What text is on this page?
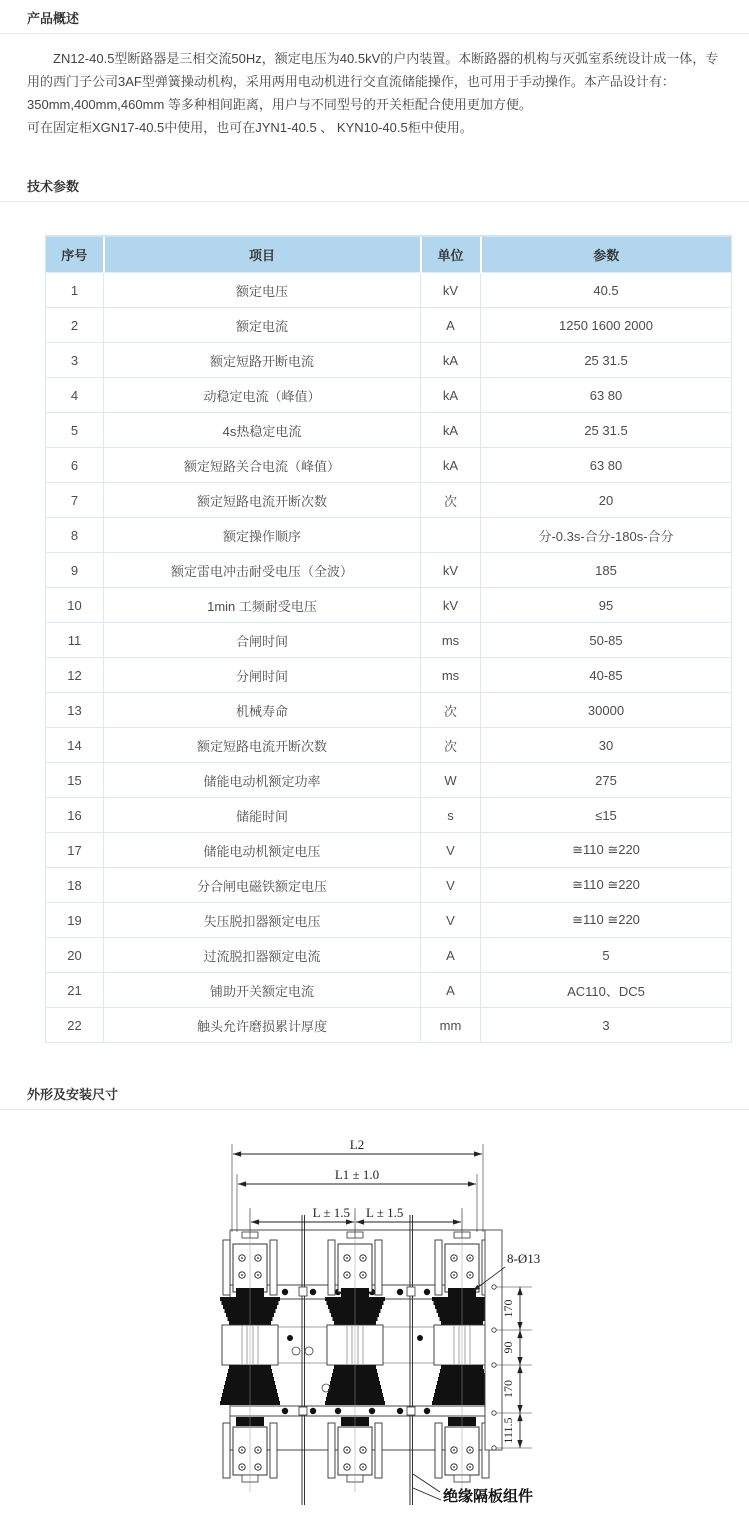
产品概述

ZN12-40.5型断路器是三相交流50Hz，额定电压为40.5kV的户内装置。本断路器的机构与灭弧室系统设计成一体，专用的西门子公司3AF型弹簧操动机构，采用两用电动机进行交直流储能操作，也可用于手动操作。本产品设计有：350mm,400mm,460mm 等多种相间距离，用户与不同型号的开关柜配合使用更加方便。

可在固定柜XGN17-40.5中使用，也可在JYN1-40.5 、 KYN10-40.5柜中使用。

技术参数
序号	项目	单位	参数
1	额定电压	kV	40.5
2	额定电流	A	1250 1600 2000
3	额定短路开断电流	kA	25 31.5
4	动稳定电流（峰值）	kA	63 80
5	4s热稳定电流	kA	25 31.5
6	额定短路关合电流（峰值）	kA	63 80
7	额定短路电流开断次数	次	20
8	额定操作顺序		分-0.3s-合分-180s-合分
9	额定雷电冲击耐受电压（全波）	kV	185
10	1min 工频耐受电压	kV	95
11	合闸时间	ms	50-85
12	分闸时间	ms	40-85
13	机械寿命	次	30000
14	额定短路电流开断次数	次	30
15	储能电动机额定功率	W	275
16	储能时间	s	≤15
17	储能电动机额定电压	V	≅110 ≅220
18	分合闸电磁铁额定电压	V	≅110 ≅220
19	失压脱扣器额定电压	V	≅110 ≅220
20	过流脱扣器额定电流	A	5
21	铺助开关额定电流	A	AC110、DC5
22	触头允许磨损累计厚度	mm	3
外形及安装尺寸
L2
L1 ± 1.0
L ± 1.5 L ± 1.5
170
90
170
111.5
8-Ø13
绝缘隔板组件
